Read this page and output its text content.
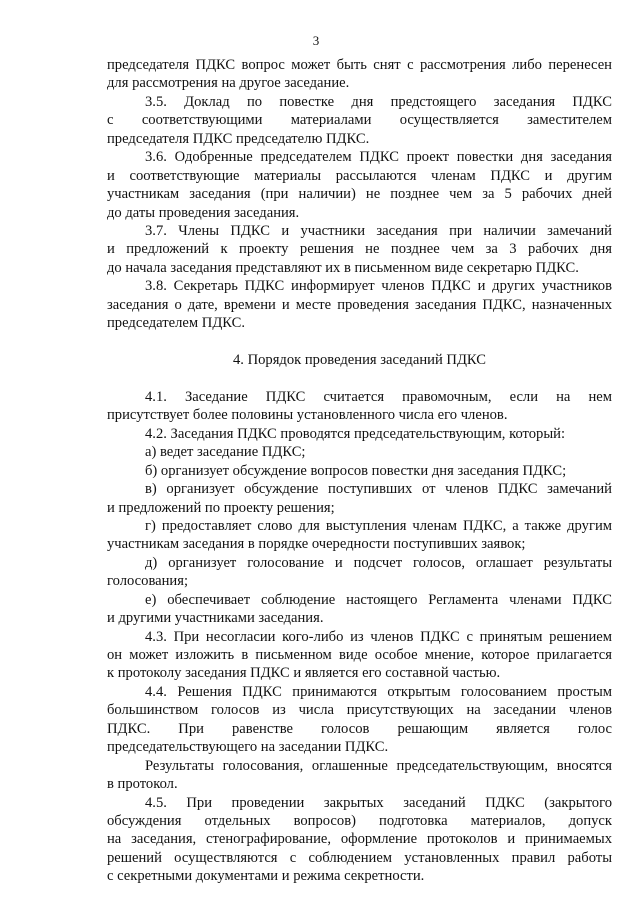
3
председателя ПДКС вопрос может быть снят с рассмотрения либо перенесен
для рассмотрения на другое заседание.
3.5. Доклад по повестке дня предстоящего заседания ПДКС
с соответствующими материалами осуществляется заместителем
председателя ПДКС председателю ПДКС.
3.6. Одобренные председателем ПДКС проект повестки дня заседания
и соответствующие материалы рассылаются членам ПДКС и другим
участникам заседания (при наличии) не позднее чем за 5 рабочих дней
до даты проведения заседания.
3.7. Члены ПДКС и участники заседания при наличии замечаний
и предложений к проекту решения не позднее чем за 3 рабочих дня
до начала заседания представляют их в письменном виде секретарю ПДКС.
3.8. Секретарь ПДКС информирует членов ПДКС и других участников
заседания о дате, времени и месте проведения заседания ПДКС, назначенных
председателем ПДКС.
4. Порядок проведения заседаний ПДКС
4.1. Заседание ПДКС считается правомочным, если на нем
присутствует более половины установленного числа его членов.
4.2. Заседания ПДКС проводятся председательствующим, который:
а) ведет заседание ПДКС;
б) организует обсуждение вопросов повестки дня заседания ПДКС;
в) организует обсуждение поступивших от членов ПДКС замечаний
и предложений по проекту решения;
г) предоставляет слово для выступления членам ПДКС, а также другим
участникам заседания в порядке очередности поступивших заявок;
д) организует голосование и подсчет голосов, оглашает результаты
голосования;
е) обеспечивает соблюдение настоящего Регламента членами ПДКС
и другими участниками заседания.
4.3. При несогласии кого-либо из членов ПДКС с принятым решением
он может изложить в письменном виде особое мнение, которое прилагается
к протоколу заседания ПДКС и является его составной частью.
4.4. Решения ПДКС принимаются открытым голосованием простым
большинством голосов из числа присутствующих на заседании членов
ПДКС. При равенстве голосов решающим является голос
председательствующего на заседании ПДКС.
Результаты голосования, оглашенные председательствующим, вносятся
в протокол.
4.5. При проведении закрытых заседаний ПДКС (закрытого
обсуждения отдельных вопросов) подготовка материалов, допуск
на заседания, стенографирование, оформление протоколов и принимаемых
решений осуществляются с соблюдением установленных правил работы
с секретными документами и режима секретности.
